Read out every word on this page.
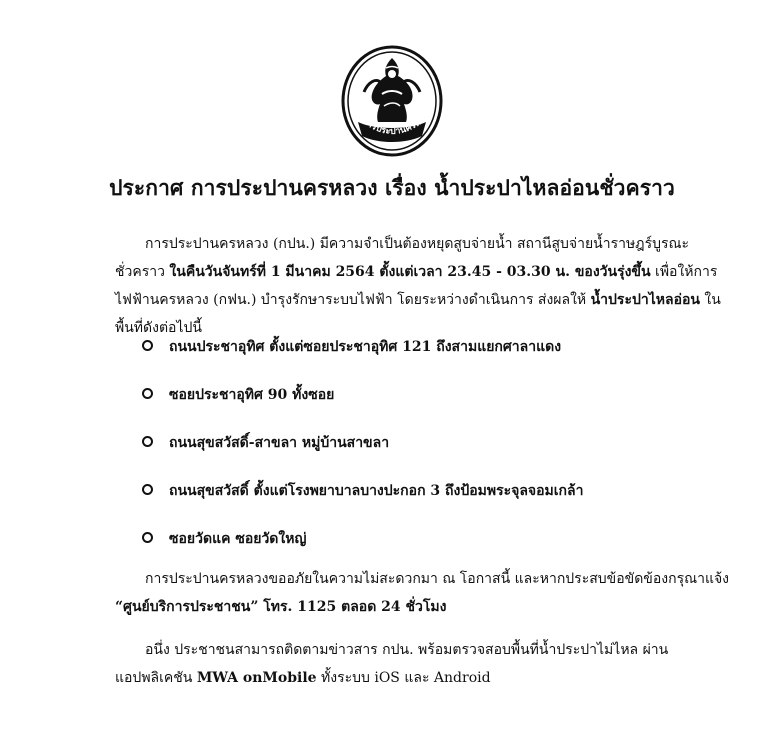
การประปานครหล
ประกาศ การประปานครหลวง เรื่อง น้ำประปาไหลอ่อนชั่วคราว
การประปานครหลวง (กปน.) มีความจำเป็นต้องหยุดสูบจ่ายน้ำ สถานีสูบจ่ายน้ำราษฎร์บูรณะชั่วคราว ในคืนวันจันทร์ที่ 1 มีนาคม 2564 ตั้งแต่เวลา 23.45 - 03.30 น. ของวันรุ่งขึ้น เพื่อให้การไฟฟ้านครหลวง (กฟน.) บำรุงรักษาระบบไฟฟ้า โดยระหว่างดำเนินการ ส่งผลให้ น้ำประปาไหลอ่อน ในพื้นที่ดังต่อไปนี้
ถนนประชาอุทิศ ตั้งแต่ซอยประชาอุทิศ 121 ถึงสามแยกศาลาแดง
ซอยประชาอุทิศ 90 ทั้งซอย
ถนนสุขสวัสดิ์-สาขลา หมู่บ้านสาขลา
ถนนสุขสวัสดิ์ ตั้งแต่โรงพยาบาลบางปะกอก 3 ถึงป้อมพระจุลจอมเกล้า
ซอยวัดแค ซอยวัดใหญ่
การประปานครหลวงขออภัยในความไม่สะดวกมา ณ โอกาสนี้ และหากประสบข้อขัดข้องกรุณาแจ้ง “ศูนย์บริการประชาชน” โทร. 1125 ตลอด 24 ชั่วโมง
อนึ่ง ประชาชนสามารถติดตามข่าวสาร กปน. พร้อมตรวจสอบพื้นที่น้ำประปาไม่ไหล ผ่านแอปพลิเคชัน MWA onMobile ทั้งระบบ iOS และ Android
